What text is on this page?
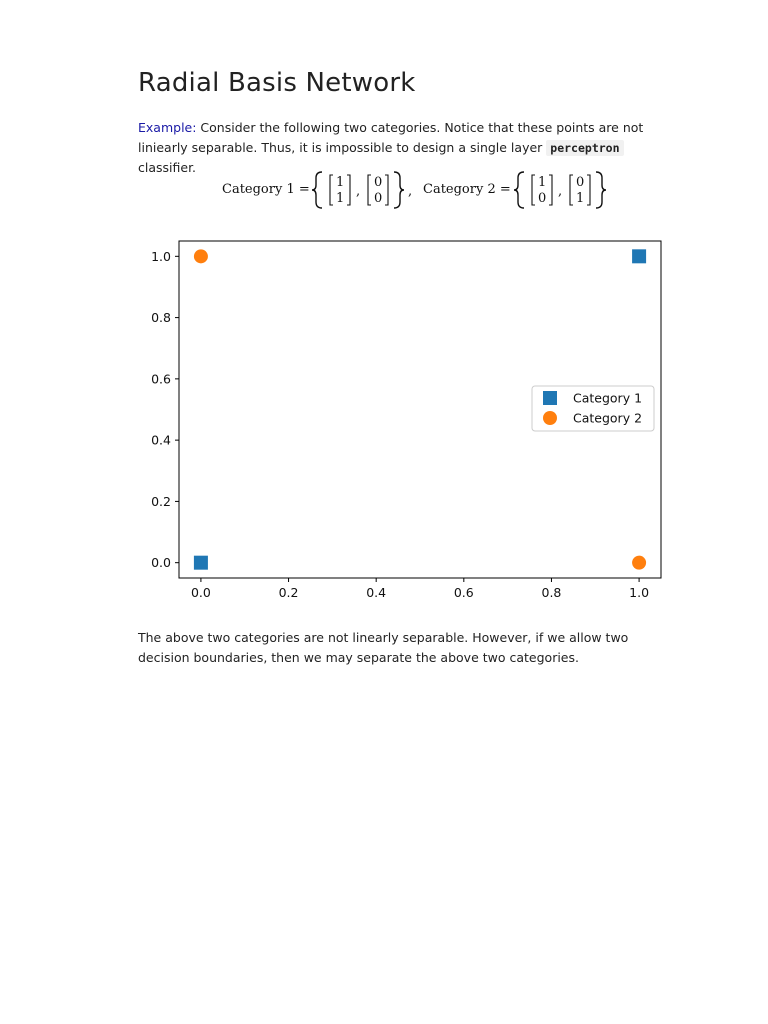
Radial Basis Network

Example: Consider the following two categories. Notice that these points are not liniearly separable. Thus, it is impossible to design a single layer perceptron classifier.

Category 1 = 1
1 ,
0
0 , Category 2 = 1
0 ,
0
1
0.0	0.2	0.4	0.6	0.8	1.0
0.0
0.2
0.4
0.6
0.8
1.0
Category 1
Category 2

The above two categories are not linearly separable. However, if we allow two decision boundaries, then we may separate the above two categories.
